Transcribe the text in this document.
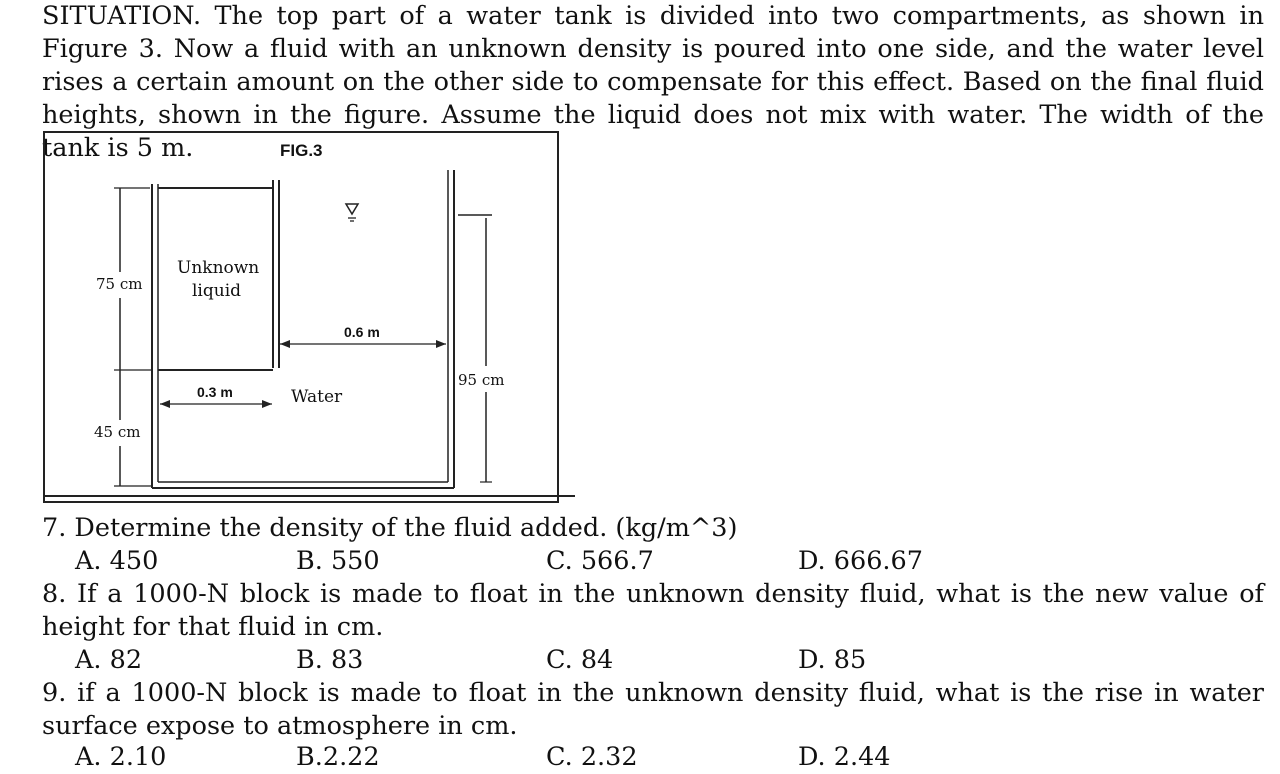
SITUATION. The top part of a water tank is divided into two compartments, as shown in Figure 3. Now a fluid with an unknown density is poured into one side, and the water level rises a certain amount on the other side to compensate for this effect. Based on the final fluid heights, shown in the figure. Assume the liquid does not mix with water. The width of the tank is 5 m.	FIG.3
Unknown
liquid
Water
75 cm
45 cm
95 cm
0.3 m
0.6 m

7. Determine the density of the fluid added. (kg/m^3)

A. 450	B. 550	C. 566.7	D. 666.67

8. If a 1000-N block is made to float in the unknown density fluid, what is the new value of height for that fluid in cm.

A. 82	B. 83	C. 84	D. 85

9. if a 1000-N block is made to float in the unknown density fluid, what is the rise in water surface expose to atmosphere in cm.

A. 2.10	B.2.22	C. 2.32	D. 2.44
